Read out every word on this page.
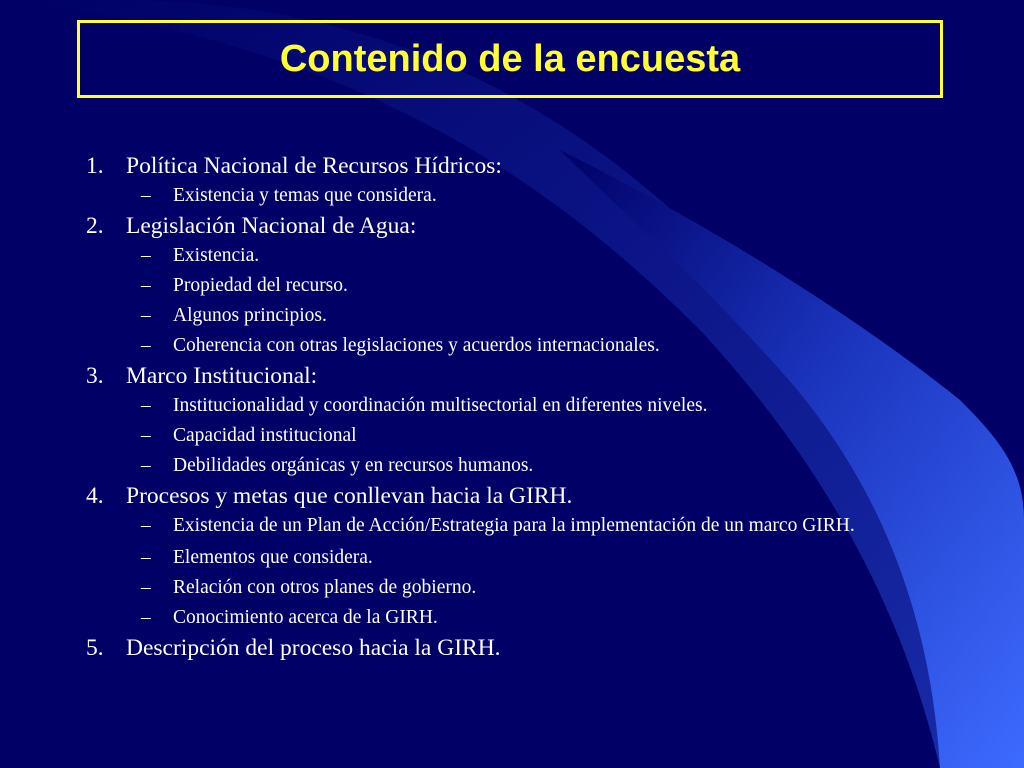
Contenido de la encuesta
1. Política Nacional de Recursos Hídricos:
– Existencia y temas que considera.
2. Legislación Nacional de Agua:
– Existencia.
– Propiedad del recurso.
– Algunos principios.
– Coherencia con otras legislaciones y acuerdos internacionales.
3. Marco Institucional:
– Institucionalidad y coordinación multisectorial en diferentes niveles.
– Capacidad institucional
– Debilidades orgánicas y en recursos humanos.
4. Procesos y metas que conllevan hacia la GIRH.
– Existencia de un Plan de Acción/Estrategia para la implementación de un marco GIRH.
– Elementos que considera.
– Relación con otros planes de gobierno.
– Conocimiento acerca de la GIRH.
5. Descripción del proceso hacia la GIRH.
